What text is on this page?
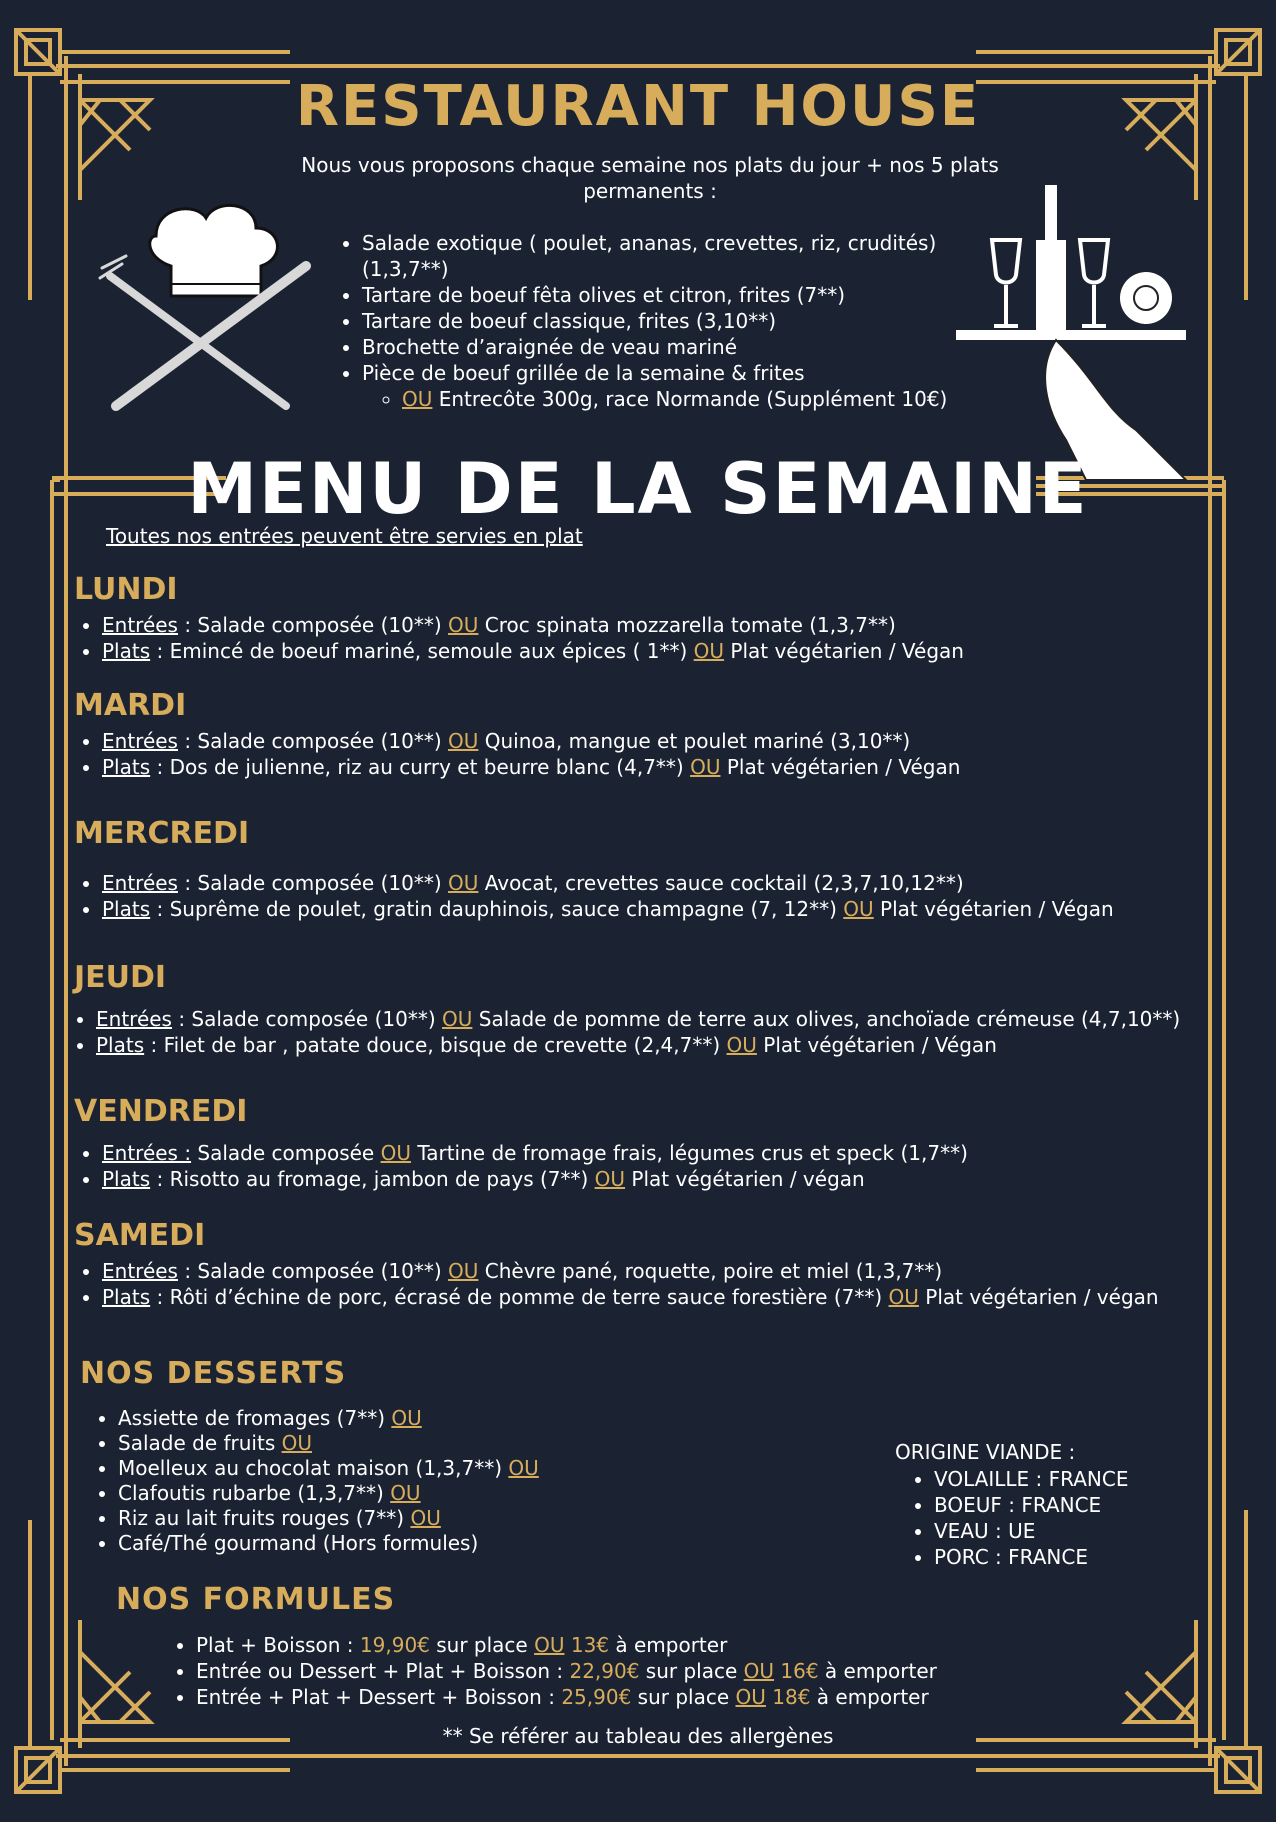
RESTAURANT HOUSE

Nous vous proposons chaque semaine nos plats du jour + nos 5 plats permanents :

• Salade exotique ( poulet, ananas, crevettes, riz, crudités) (1,3,7**)
• Tartare de boeuf fêta olives et citron, frites (7**)
• Tartare de boeuf classique, frites (3,10**)
• Brochette d’araignée de veau mariné
• Pièce de boeuf grillée de la semaine & frites
◦ OU Entrecôte 300g, race Normande (Supplément 10€)
MENU DE LA SEMAINE

Toutes nos entrées peuvent être servies en plat

LUNDI
• Entrées : Salade composée (10**) OU Croc spinata mozzarella tomate (1,3,7**)
• Plats : Emincé de boeuf mariné, semoule aux épices ( 1**) OU Plat végétarien / Végan
MARDI
• Entrées : Salade composée (10**) OU Quinoa, mangue et poulet mariné (3,10**)
• Plats : Dos de julienne, riz au curry et beurre blanc (4,7**) OU Plat végétarien / Végan
MERCREDI
• Entrées : Salade composée (10**) OU Avocat, crevettes sauce cocktail (2,3,7,10,12**)
• Plats : Suprême de poulet, gratin dauphinois, sauce champagne (7, 12**) OU Plat végétarien / Végan
JEUDI
• Entrées : Salade composée (10**) OU Salade de pomme de terre aux olives, anchoïade crémeuse (4,7,10**)
• Plats : Filet de bar , patate douce, bisque de crevette (2,4,7**) OU Plat végétarien / Végan
VENDREDI
• Entrées : Salade composée OU Tartine de fromage frais, légumes crus et speck (1,7**)
• Plats : Risotto au fromage, jambon de pays (7**) OU Plat végétarien / végan
SAMEDI
• Entrées : Salade composée (10**) OU Chèvre pané, roquette, poire et miel (1,3,7**)
• Plats : Rôti d’échine de porc, écrasé de pomme de terre sauce forestière (7**) OU Plat végétarien / végan
NOS DESSERTS
• Assiette de fromages (7**) OU
• Salade de fruits OU
• Moelleux au chocolat maison (1,3,7**) OU
• Clafoutis rubarbe (1,3,7**) OU
• Riz au lait fruits rouges (7**) OU
• Café/Thé gourmand (Hors formules)

ORIGINE VIANDE :

• VOLAILLE : FRANCE
• BOEUF : FRANCE
• VEAU : UE
• PORC : FRANCE
NOS FORMULES
• Plat + Boisson : 19,90€ sur place OU 13€ à emporter
• Entrée ou Dessert + Plat + Boisson : 22,90€ sur place OU 16€ à emporter
• Entrée + Plat + Dessert + Boisson : 25,90€ sur place OU 18€ à emporter

** Se référer au tableau des allergènes
